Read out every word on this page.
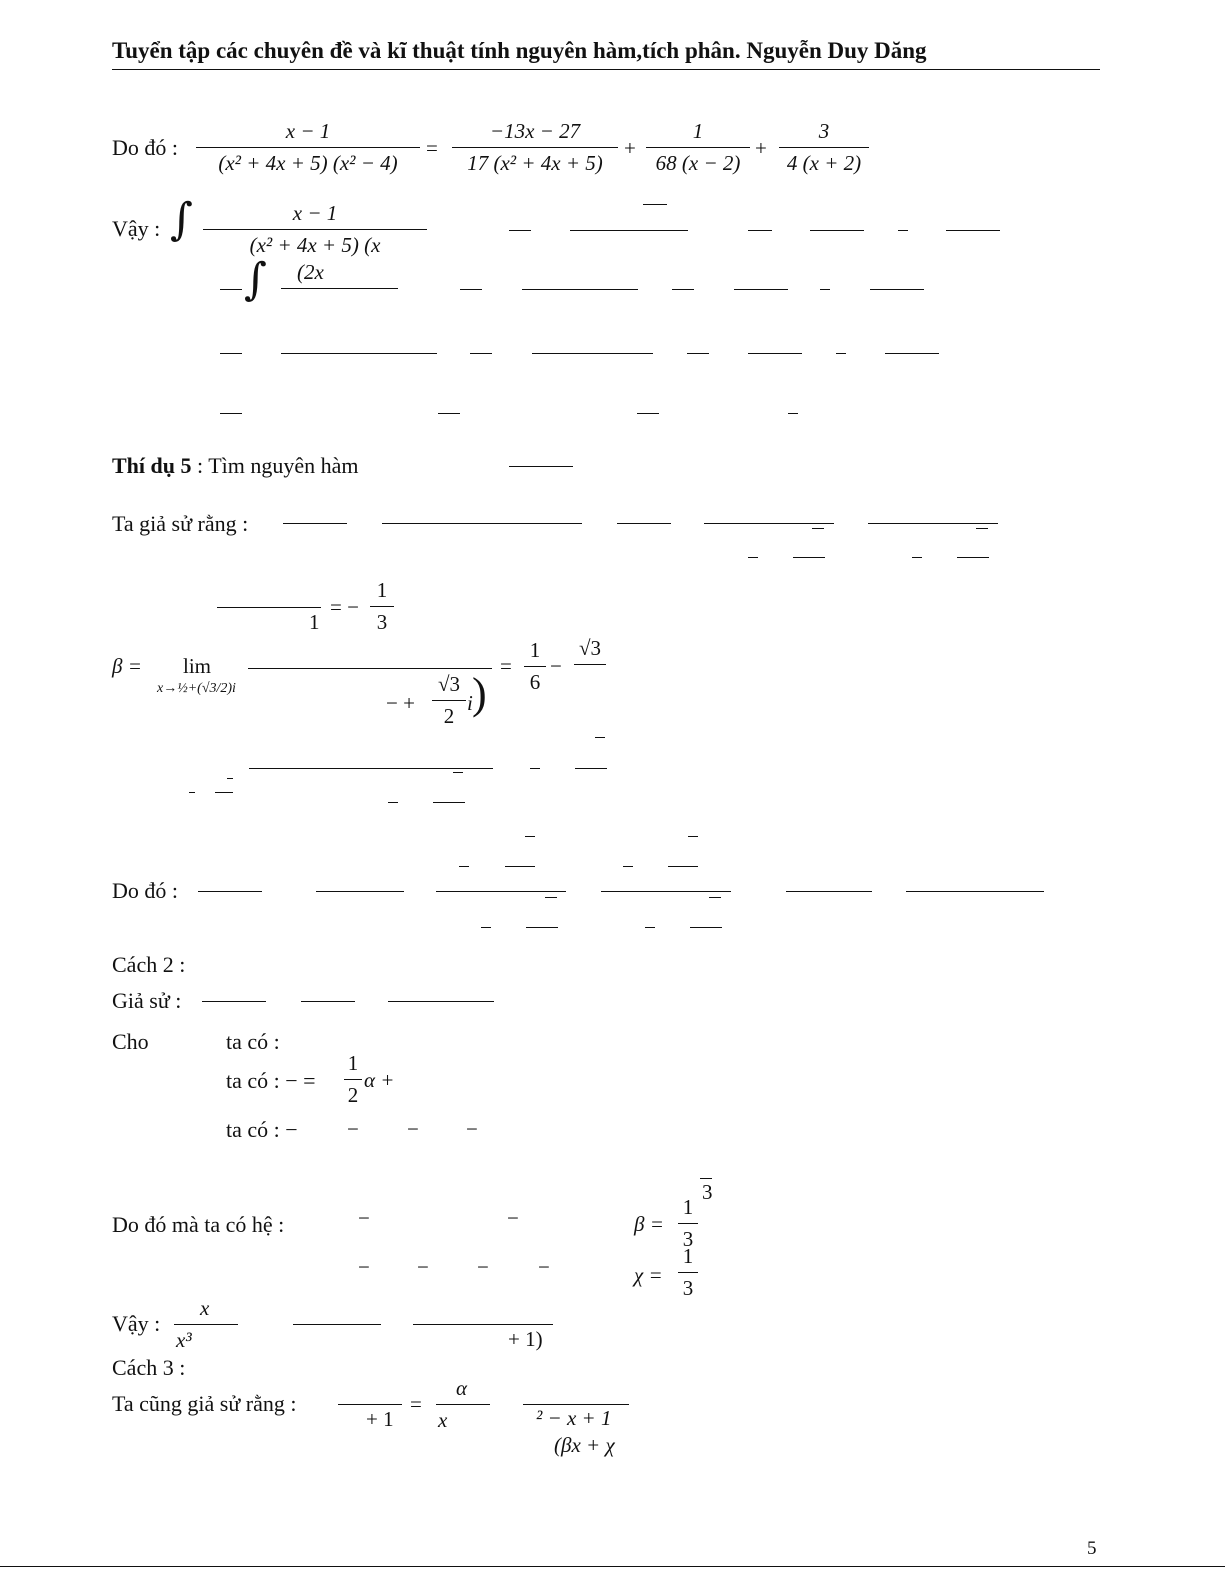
Tuyển tập các chuyên đề và kĩ thuật tính nguyên hàm,tích phân. Nguyễn Duy Dăng
Do đó : $\frac{x - 1}{\text{(x² + 4x + 5) (x² − 4)}} = \frac{-13x - 27}{\text{17 (x² + 4x + 5)}} + \frac{1}{68 (x - 2)} + \frac{3}{4 (x + 2)}$
Vậy : ∫ $\frac{x - 1}{\text{(x² + 4x + 5) (x}}$
∫	(2x

Thí dụ 5 : Tìm nguyên hàm
Ta giả sử rằng :
1
= − $\frac{1}{3}$
β = lim
x→½+(√3/2)i
− + $\frac{√3}{2}$ i )
= $\frac{1}{6}$ −
√3

Do đó :
Cách 2 :
Giả sử :
Cho	ta có :
ta có : − = $\frac{1}{2}$ α +
ta có : − − − −
Do đó mà ta có hệ :	−	−
− − − −
3
$\beta = \frac{1}{3}$
$\chi = \frac{1}{3}$
Vậy : $\frac{x}{\text{x³}}$	+ 1)
Cách 3 :
Ta cũng giả sử rằng :
+ 1
= $\frac{\alpha}{x} ^2 - x + 1$
(βx + χ
5
